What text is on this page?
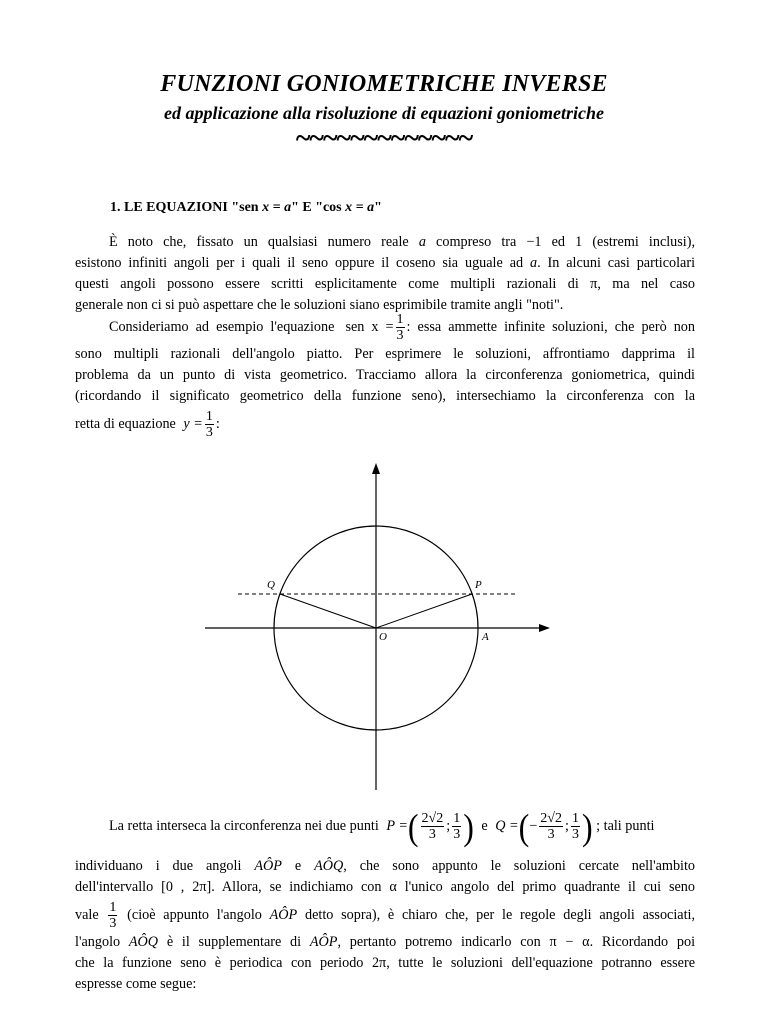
FUNZIONI GONIOMETRICHE INVERSE
ed applicazione alla risoluzione di equazioni goniometriche
~~~~~~~~~~~~~
1. LE EQUAZIONI "sen x = a" E "cos x = a"
È noto che, fissato un qualsiasi numero reale a compreso tra −1 ed 1 (estremi inclusi),
esistono infiniti angoli per i quali il seno oppure il coseno sia uguale ad a. In alcuni casi particolari
questi angoli possono essere scritti esplicitamente come multipli razionali di π, ma nel caso
generale non ci si può aspettare che le soluzioni siano esprimibile tramite angli "noti".
Consideriamo ad esempio l'equazione sen $x = \frac{1}{3}$ : essa ammette infinite soluzioni, che però non
sono multipli razionali dell'angolo piatto. Per esprimere le soluzioni, affrontiamo dapprima il
problema da un punto di vista geometrico. Tracciamo allora la circonferenza goniometrica, quindi
(ricordando il significato geometrico della funzione seno), intersechiamo la circonferenza con la
retta di equazione $y = \frac{1}{3}$ :
Q	P
O	A
La retta interseca la circonferenza nei due punti P =( $\frac{2√2}{3}$ ; $\frac{1}{3}$ ) e Q =(− $\frac{2√2}{3}$ ; $\frac{1}{3}$ ) ; tali punti
individuano i due angoli AÔP e AÔQ, che sono appunto le soluzioni cercate nell'ambito
dell'intervallo [0 , 2π]. Allora, se indichiamo con α l'unico angolo del primo quadrante il cui seno
vale $\frac{1}{3}$ (cioè appunto l'angolo AÔP detto sopra), è chiaro che, per le regole degli angoli associati,
l'angolo AÔQ è il supplementare di AÔP, pertanto potremo indicarlo con π − α. Ricordando poi
che la funzione seno è periodica con periodo 2π, tutte le soluzioni dell'equazione potranno essere
espresse come segue:
